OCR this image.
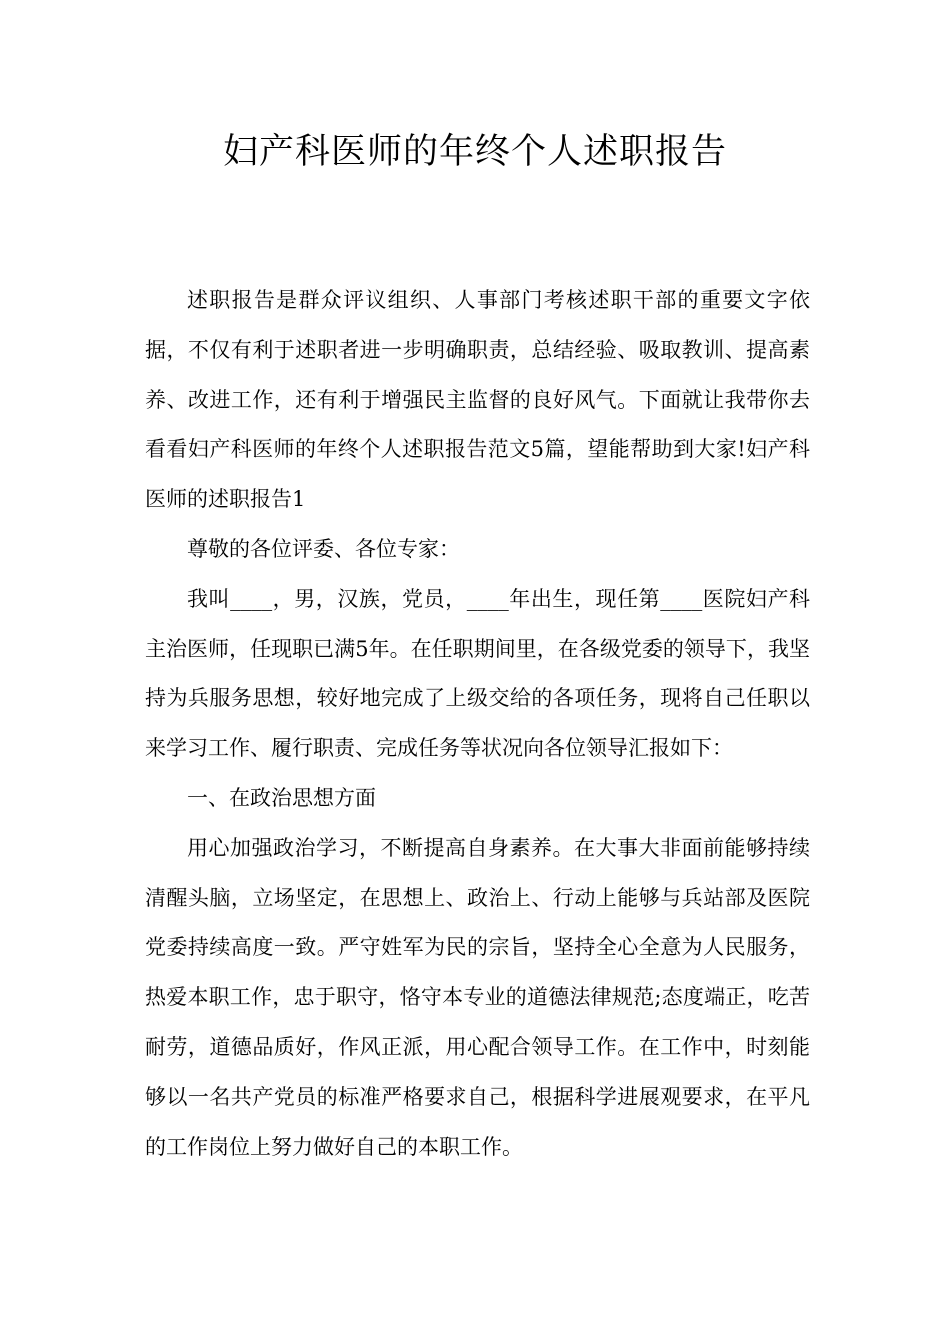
妇产科医师的年终个人述职报告

述职报告是群众评议组织、人事部门考核述职干部的重要文字依据，不仅有利于述职者进一步明确职责，总结经验、吸取教训、提高素养、改进工作，还有利于增强民主监督的良好风气。下面就让我带你去看看妇产科医师的年终个人述职报告范文5篇，望能帮助到大家!妇产科医师的述职报告1

尊敬的各位评委、各位专家：

我叫____，男，汉族，党员，____年出生，现任第____医院妇产科主治医师，任现职已满5年。在任职期间里，在各级党委的领导下，我坚持为兵服务思想，较好地完成了上级交给的各项任务，现将自己任职以来学习工作、履行职责、完成任务等状况向各位领导汇报如下：

一、在政治思想方面

用心加强政治学习，不断提高自身素养。在大事大非面前能够持续清醒头脑，立场坚定，在思想上、政治上、行动上能够与兵站部及医院党委持续高度一致。严守姓军为民的宗旨，坚持全心全意为人民服务，热爱本职工作，忠于职守，恪守本专业的道德法律规范;态度端正，吃苦耐劳，道德品质好，作风正派，用心配合领导工作。在工作中，时刻能够以一名共产党员的标准严格要求自己，根据科学进展观要求，在平凡的工作岗位上努力做好自己的本职工作。
